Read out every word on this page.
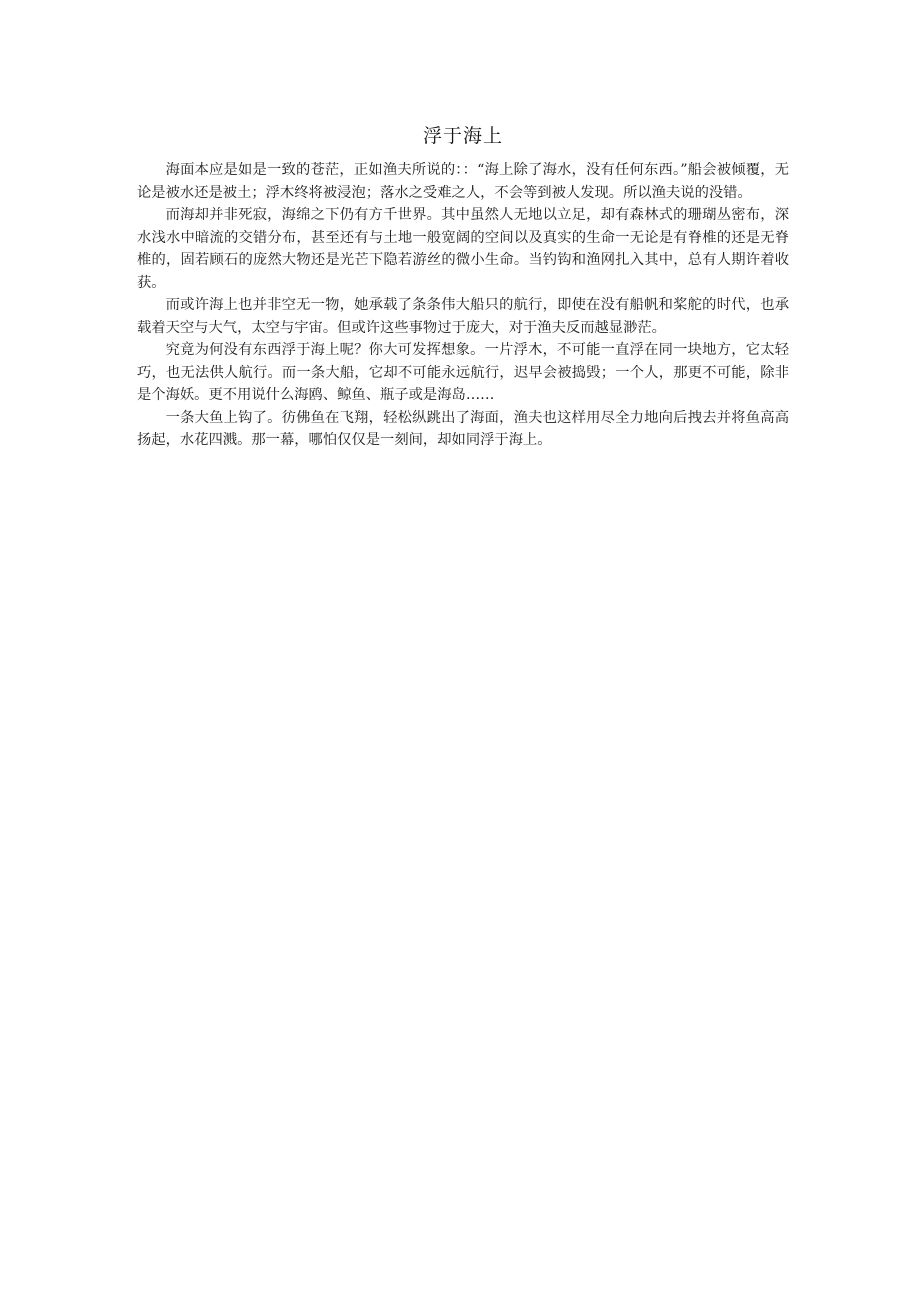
浮于海上

海面本应是如是一致的苍茫，正如渔夫所说的：：“海上除了海水，没有任何东西。”船会被倾覆，无论是被水还是被土；浮木终将被浸泡；落水之受难之人，不会等到被人发现。所以渔夫说的没错。

而海却并非死寂，海绵之下仍有方千世界。其中虽然人无地以立足，却有森林式的珊瑚丛密布，深水浅水中暗流的交错分布，甚至还有与土地一般宽阔的空间以及真实的生命一无论是有脊椎的还是无脊椎的，固若顾石的庞然大物还是光芒下隐若游丝的微小生命。当钓钩和渔网扎入其中，总有人期许着收获。

而或许海上也并非空无一物，她承载了条条伟大船只的航行，即使在没有船帆和桨舵的时代，也承载着天空与大气，太空与宇宙。但或许这些事物过于庞大，对于渔夫反而越显渺茫。

究竟为何没有东西浮于海上呢？你大可发挥想象。一片浮木，不可能一直浮在同一块地方，它太轻巧，也无法供人航行。而一条大船，它却不可能永远航行，迟早会被捣毁；一个人，那更不可能，除非是个海妖。更不用说什么海鸥、鲸鱼、瓶子或是海岛……

一条大鱼上钩了。彷佛鱼在飞翔，轻松纵跳出了海面，渔夫也这样用尽全力地向后拽去并将鱼高高扬起，水花四溅。那一幕，哪怕仅仅是一刻间，却如同浮于海上。
